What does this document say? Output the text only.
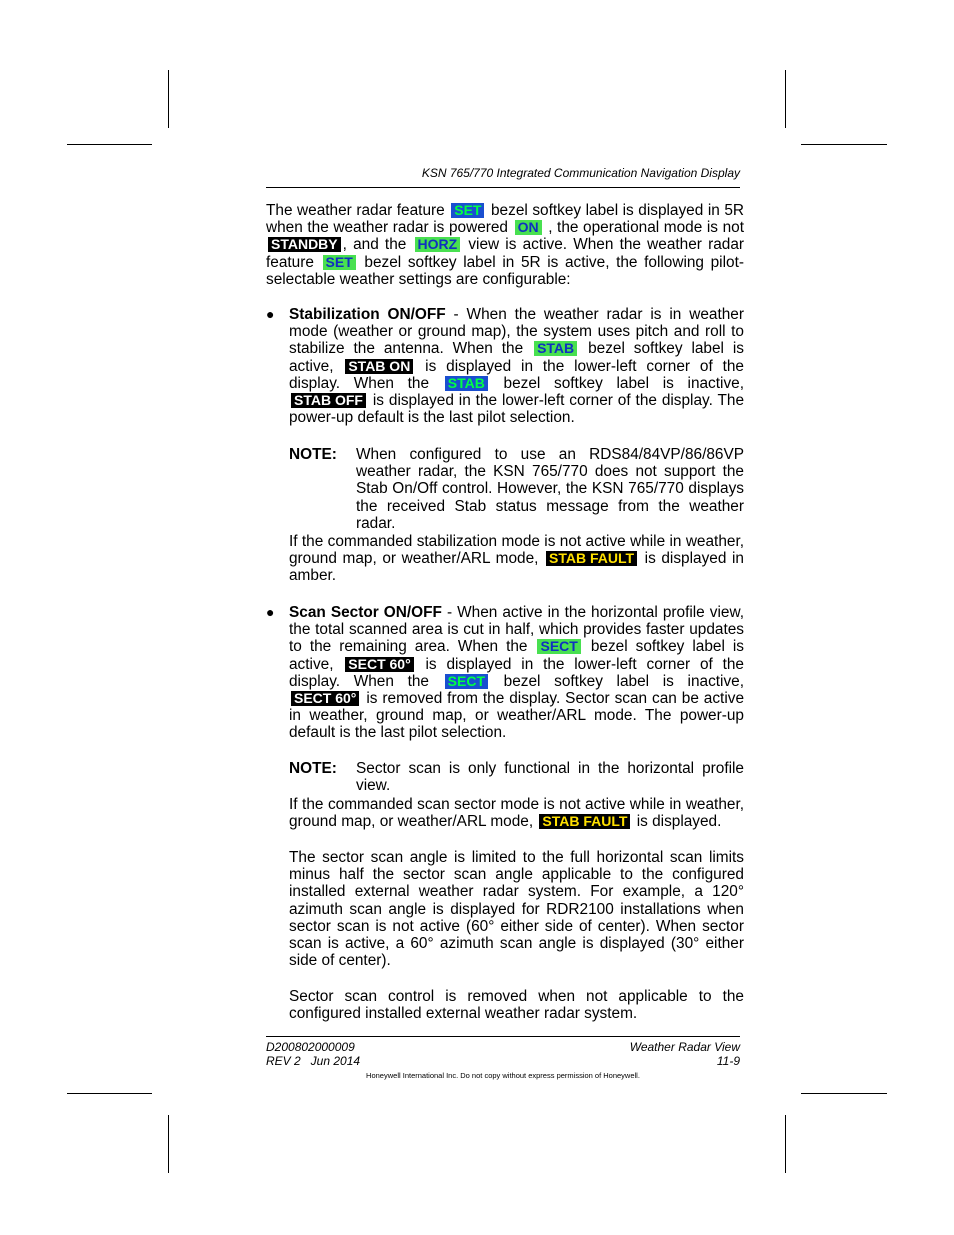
KSN 765/770 Integrated Communication Navigation Display

The weather radar feature SET bezel softkey label is displayed in 5R when the weather radar is powered ON , the operational mode is not STANDBY , and the HORZ view is active. When the weather radar feature SET bezel softkey label in 5R is active, the following pilot-selectable weather settings are configurable:

● Stabilization ON/OFF - When the weather radar is in weather mode (weather or ground map), the system uses pitch and roll to stabilize the antenna. When the STAB bezel softkey label is active, STAB ON is displayed in the lower-left corner of the display. When the STAB bezel softkey label is inactive, STAB OFF is displayed in the lower-left corner of the display. The power-up default is the last pilot selection.

NOTE: When configured to use an RDS84/84VP/86/86VP weather radar, the KSN 765/770 does not support the Stab On/Off control. However, the KSN 765/770 displays the received Stab status message from the weather radar.

If the commanded stabilization mode is not active while in weather, ground map, or weather/ARL mode, STAB FAULT is displayed in amber.

● Scan Sector ON/OFF - When active in the horizontal profile view, the total scanned area is cut in half, which provides faster updates to the remaining area. When the SECT bezel softkey label is active, SECT 60° is displayed in the lower-left corner of the display. When the SECT bezel softkey label is inactive, SECT 60° is removed from the display. Sector scan can be active in weather, ground map, or weather/ARL mode. The power-up default is the last pilot selection.

NOTE: Sector scan is only functional in the horizontal profile view.

If the commanded scan sector mode is not active while in weather, ground map, or weather/ARL mode, STAB FAULT is displayed.

The sector scan angle is limited to the full horizontal scan limits minus half the sector scan angle applicable to the configured installed external weather radar system. For example, a 120° azimuth scan angle is displayed for RDR2100 installations when sector scan is not active (60° either side of center). When sector scan is active, a 60° azimuth scan angle is displayed (30° either side of center).

Sector scan control is removed when not applicable to the configured installed external weather radar system.

D200802000009
REV 2   Jun 2014
Weather Radar View
11-9
Honeywell International Inc. Do not copy without express permission of Honeywell.
